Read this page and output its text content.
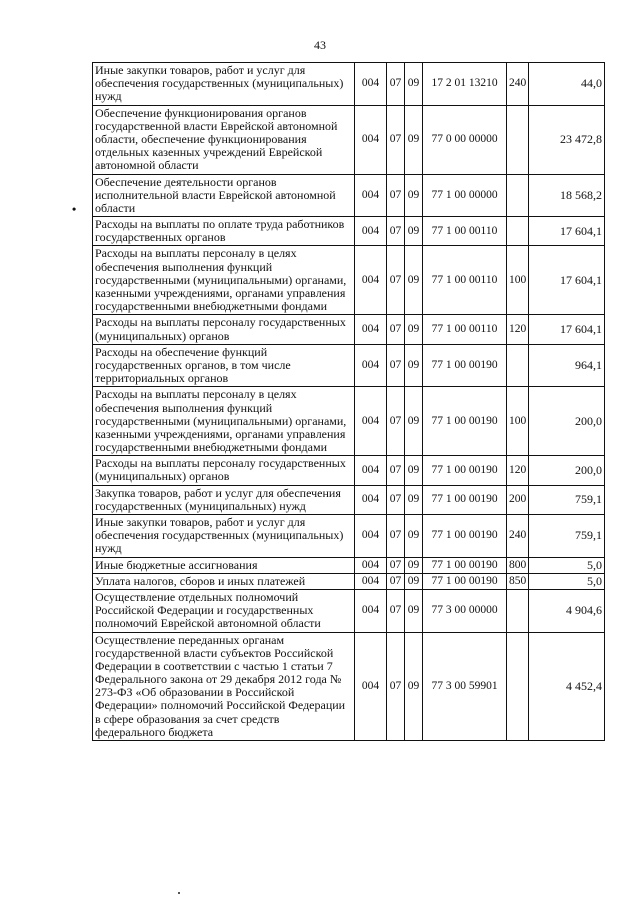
43
•
Иные закупки товаров, работ и услуг для обеспечения государственных (муниципальных) нужд	004	07	09	17 2 01 13210	240	44,0
Обеспечение функционирования органов государственной власти Еврейской автономной области, обеспечение функционирования отдельных казенных учреждений Еврейской автономной области	004	07	09	77 0 00 00000		23 472,8
Обеспечение деятельности органов исполнительной власти Еврейской автономной области	004	07	09	77 1 00 00000		18 568,2
Расходы на выплаты по оплате труда работников государственных органов	004	07	09	77 1 00 00110		17 604,1
Расходы на выплаты персоналу в целях обеспечения выполнения функций государственными (муниципальными) органами, казенными учреждениями, органами управления государственными внебюджетными фондами	004	07	09	77 1 00 00110	100	17 604,1
Расходы на выплаты персоналу государственных (муниципальных) органов	004	07	09	77 1 00 00110	120	17 604,1
Расходы на обеспечение функций государственных органов, в том числе территориальных органов	004	07	09	77 1 00 00190		964,1
Расходы на выплаты персоналу в целях обеспечения выполнения функций государственными (муниципальными) органами, казенными учреждениями, органами управления государственными внебюджетными фондами	004	07	09	77 1 00 00190	100	200,0
Расходы на выплаты персоналу государственных (муниципальных) органов	004	07	09	77 1 00 00190	120	200,0
Закупка товаров, работ и услуг для обеспечения государственных (муниципальных) нужд	004	07	09	77 1 00 00190	200	759,1
Иные закупки товаров, работ и услуг для обеспечения государственных (муниципальных) нужд	004	07	09	77 1 00 00190	240	759,1
Иные бюджетные ассигнования	004	07	09	77 1 00 00190	800	5,0
Уплата налогов, сборов и иных платежей	004	07	09	77 1 00 00190	850	5,0
Осуществление отдельных полномочий Российской Федерации и государственных полномочий Еврейской автономной области	004	07	09	77 3 00 00000		4 904,6
Осуществление переданных органам государственной власти субъектов Российской Федерации в соответствии с частью 1 статьи 7 Федерального закона от 29 декабря 2012 года № 273-ФЗ «Об образовании в Российской Федерации» полномочий Российской Федерации в сфере образования за счет средств федерального бюджета	004	07	09	77 3 00 59901		4 452,4
